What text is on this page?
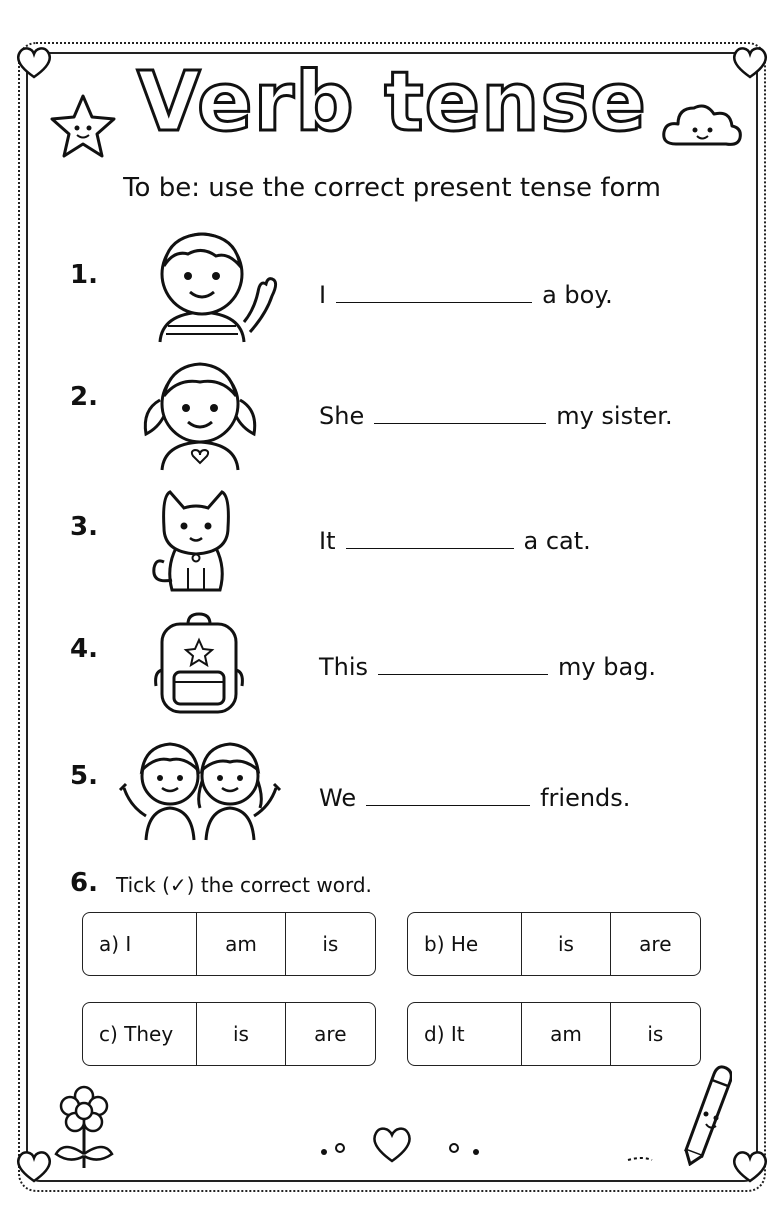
Verb tense
To be: use the correct present tense form
1.
I	a boy.
2.
She	my sister.
3.	It	a cat.
4.
This	my bag.
5.
We	friends.
6. Tick (✓) the correct word.
a) I	am	is	b) He	is	are
c) They	is	are	d) It	am	is
